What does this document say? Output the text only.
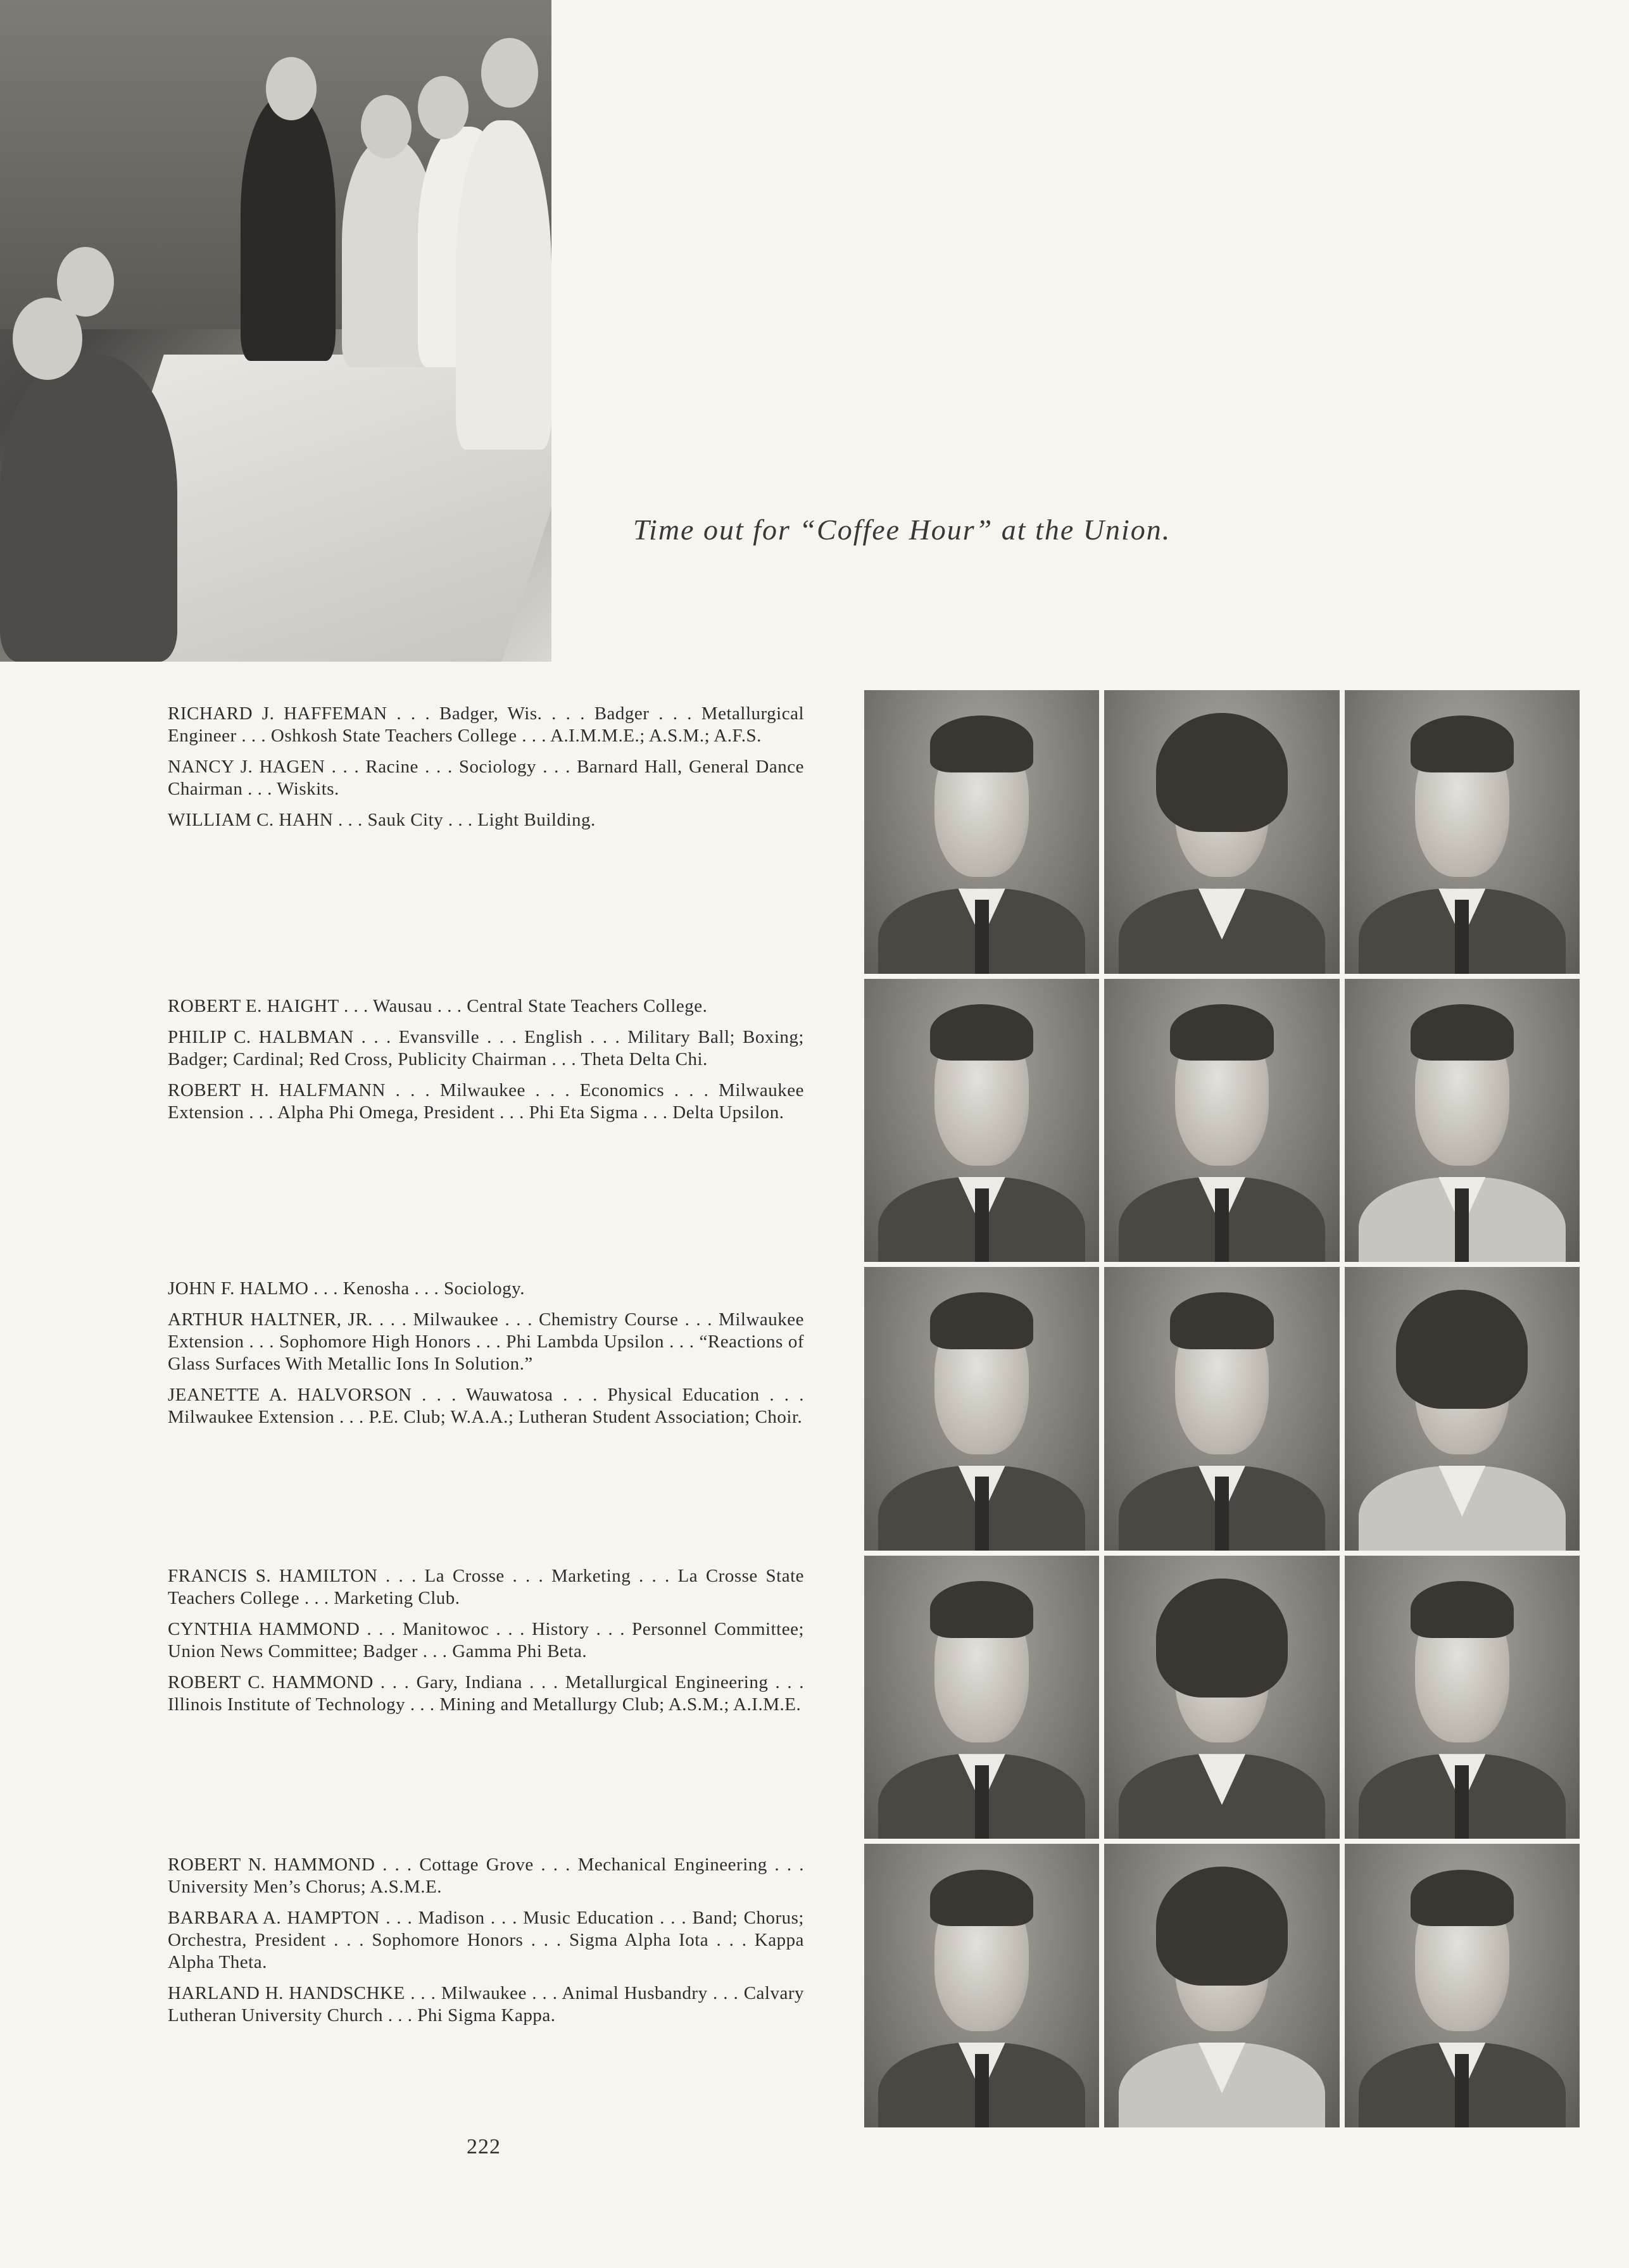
Time out for “Coffee Hour” at the Union.

RICHARD J. HAFFEMAN . . . Badger, Wis. . . . Badger . . . Metallurgical Engineer . . . Oshkosh State Teachers College . . . A.I.M.M.E.; A.S.M.; A.F.S.

NANCY J. HAGEN . . . Racine . . . Sociology . . . Barnard Hall, General Dance Chairman . . . Wiskits.

WILLIAM C. HAHN . . . Sauk City . . . Light Building.

ROBERT E. HAIGHT . . . Wausau . . . Central State Teachers College.

PHILIP C. HALBMAN . . . Evansville . . . English . . . Military Ball; Boxing; Badger; Cardinal; Red Cross, Publicity Chairman . . . Theta Delta Chi.

ROBERT H. HALFMANN . . . Milwaukee . . . Economics . . . Milwaukee Extension . . . Alpha Phi Omega, President . . . Phi Eta Sigma . . . Delta Upsilon.

JOHN F. HALMO . . . Kenosha . . . Sociology.

ARTHUR HALTNER, JR. . . . Milwaukee . . . Chemistry Course . . . Milwaukee Extension . . . Sophomore High Honors . . . Phi Lambda Upsilon . . . “Reactions of Glass Surfaces With Metallic Ions In Solution.”

JEANETTE A. HALVORSON . . . Wauwatosa . . . Physical Education . . . Milwaukee Extension . . . P.E. Club; W.A.A.; Lutheran Student Association; Choir.

FRANCIS S. HAMILTON . . . La Crosse . . . Marketing . . . La Crosse State Teachers College . . . Marketing Club.

CYNTHIA HAMMOND . . . Manitowoc . . . History . . . Personnel Committee; Union News Committee; Badger . . . Gamma Phi Beta.

ROBERT C. HAMMOND . . . Gary, Indiana . . . Metallurgical Engineering . . . Illinois Institute of Technology . . . Mining and Metallurgy Club; A.S.M.; A.I.M.E.

ROBERT N. HAMMOND . . . Cottage Grove . . . Mechanical Engineering . . . University Men’s Chorus; A.S.M.E.

BARBARA A. HAMPTON . . . Madison . . . Music Education . . . Band; Chorus; Orchestra, President . . . Sophomore Honors . . . Sigma Alpha Iota . . . Kappa Alpha Theta.

HARLAND H. HANDSCHKE . . . Milwaukee . . . Animal Husbandry . . . Calvary Lutheran University Church . . . Phi Sigma Kappa.

222
